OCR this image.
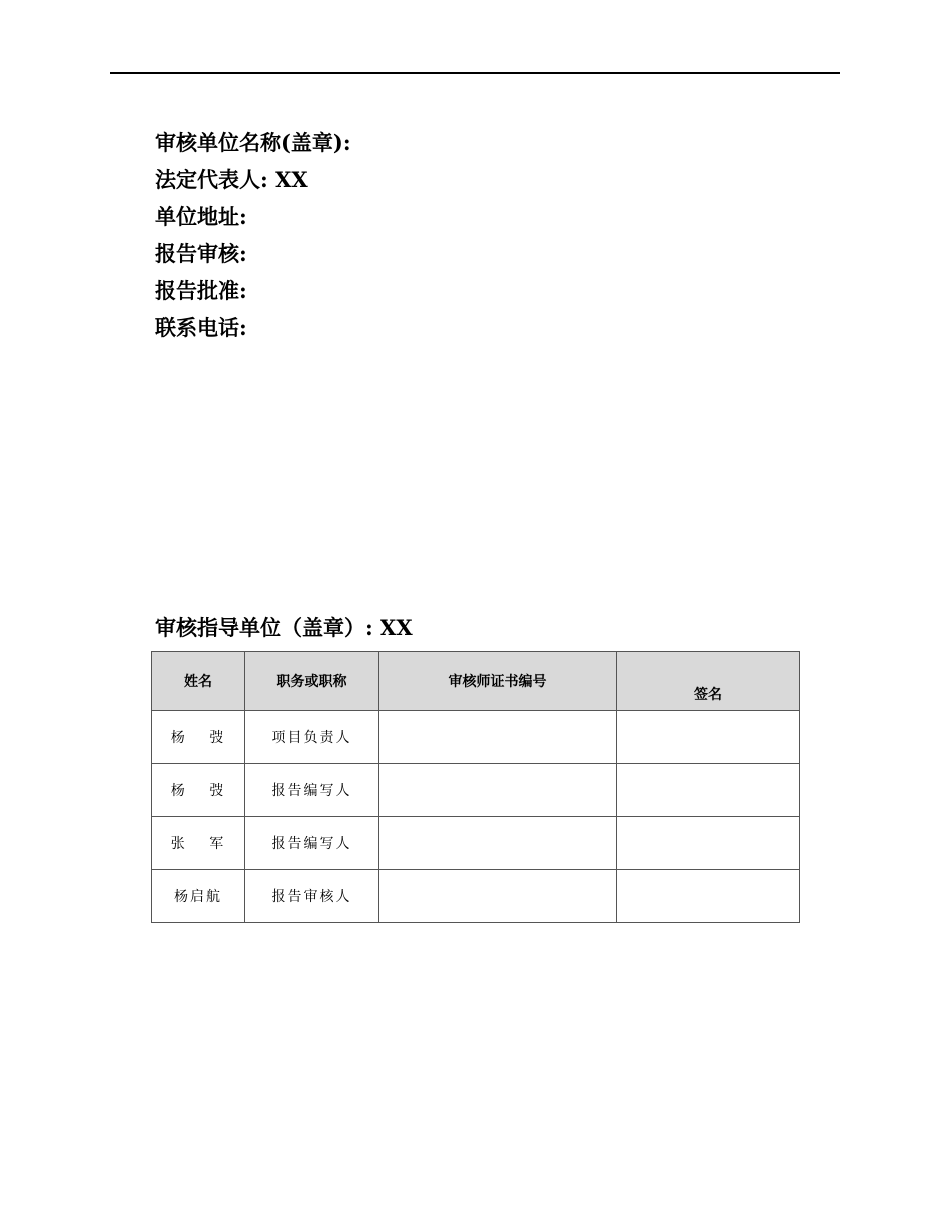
审核单位名称(盖章):
法定代表人: XX
单位地址:
报告审核:
报告批准:
联系电话:
审核指导单位（盖章）: XX
姓名	职务或职称	审核师证书编号	签名
杨　 弢	项目负责人		
杨　 弢	报告编写人		
张　 军	报告编写人		
杨启航	报告审核人		
